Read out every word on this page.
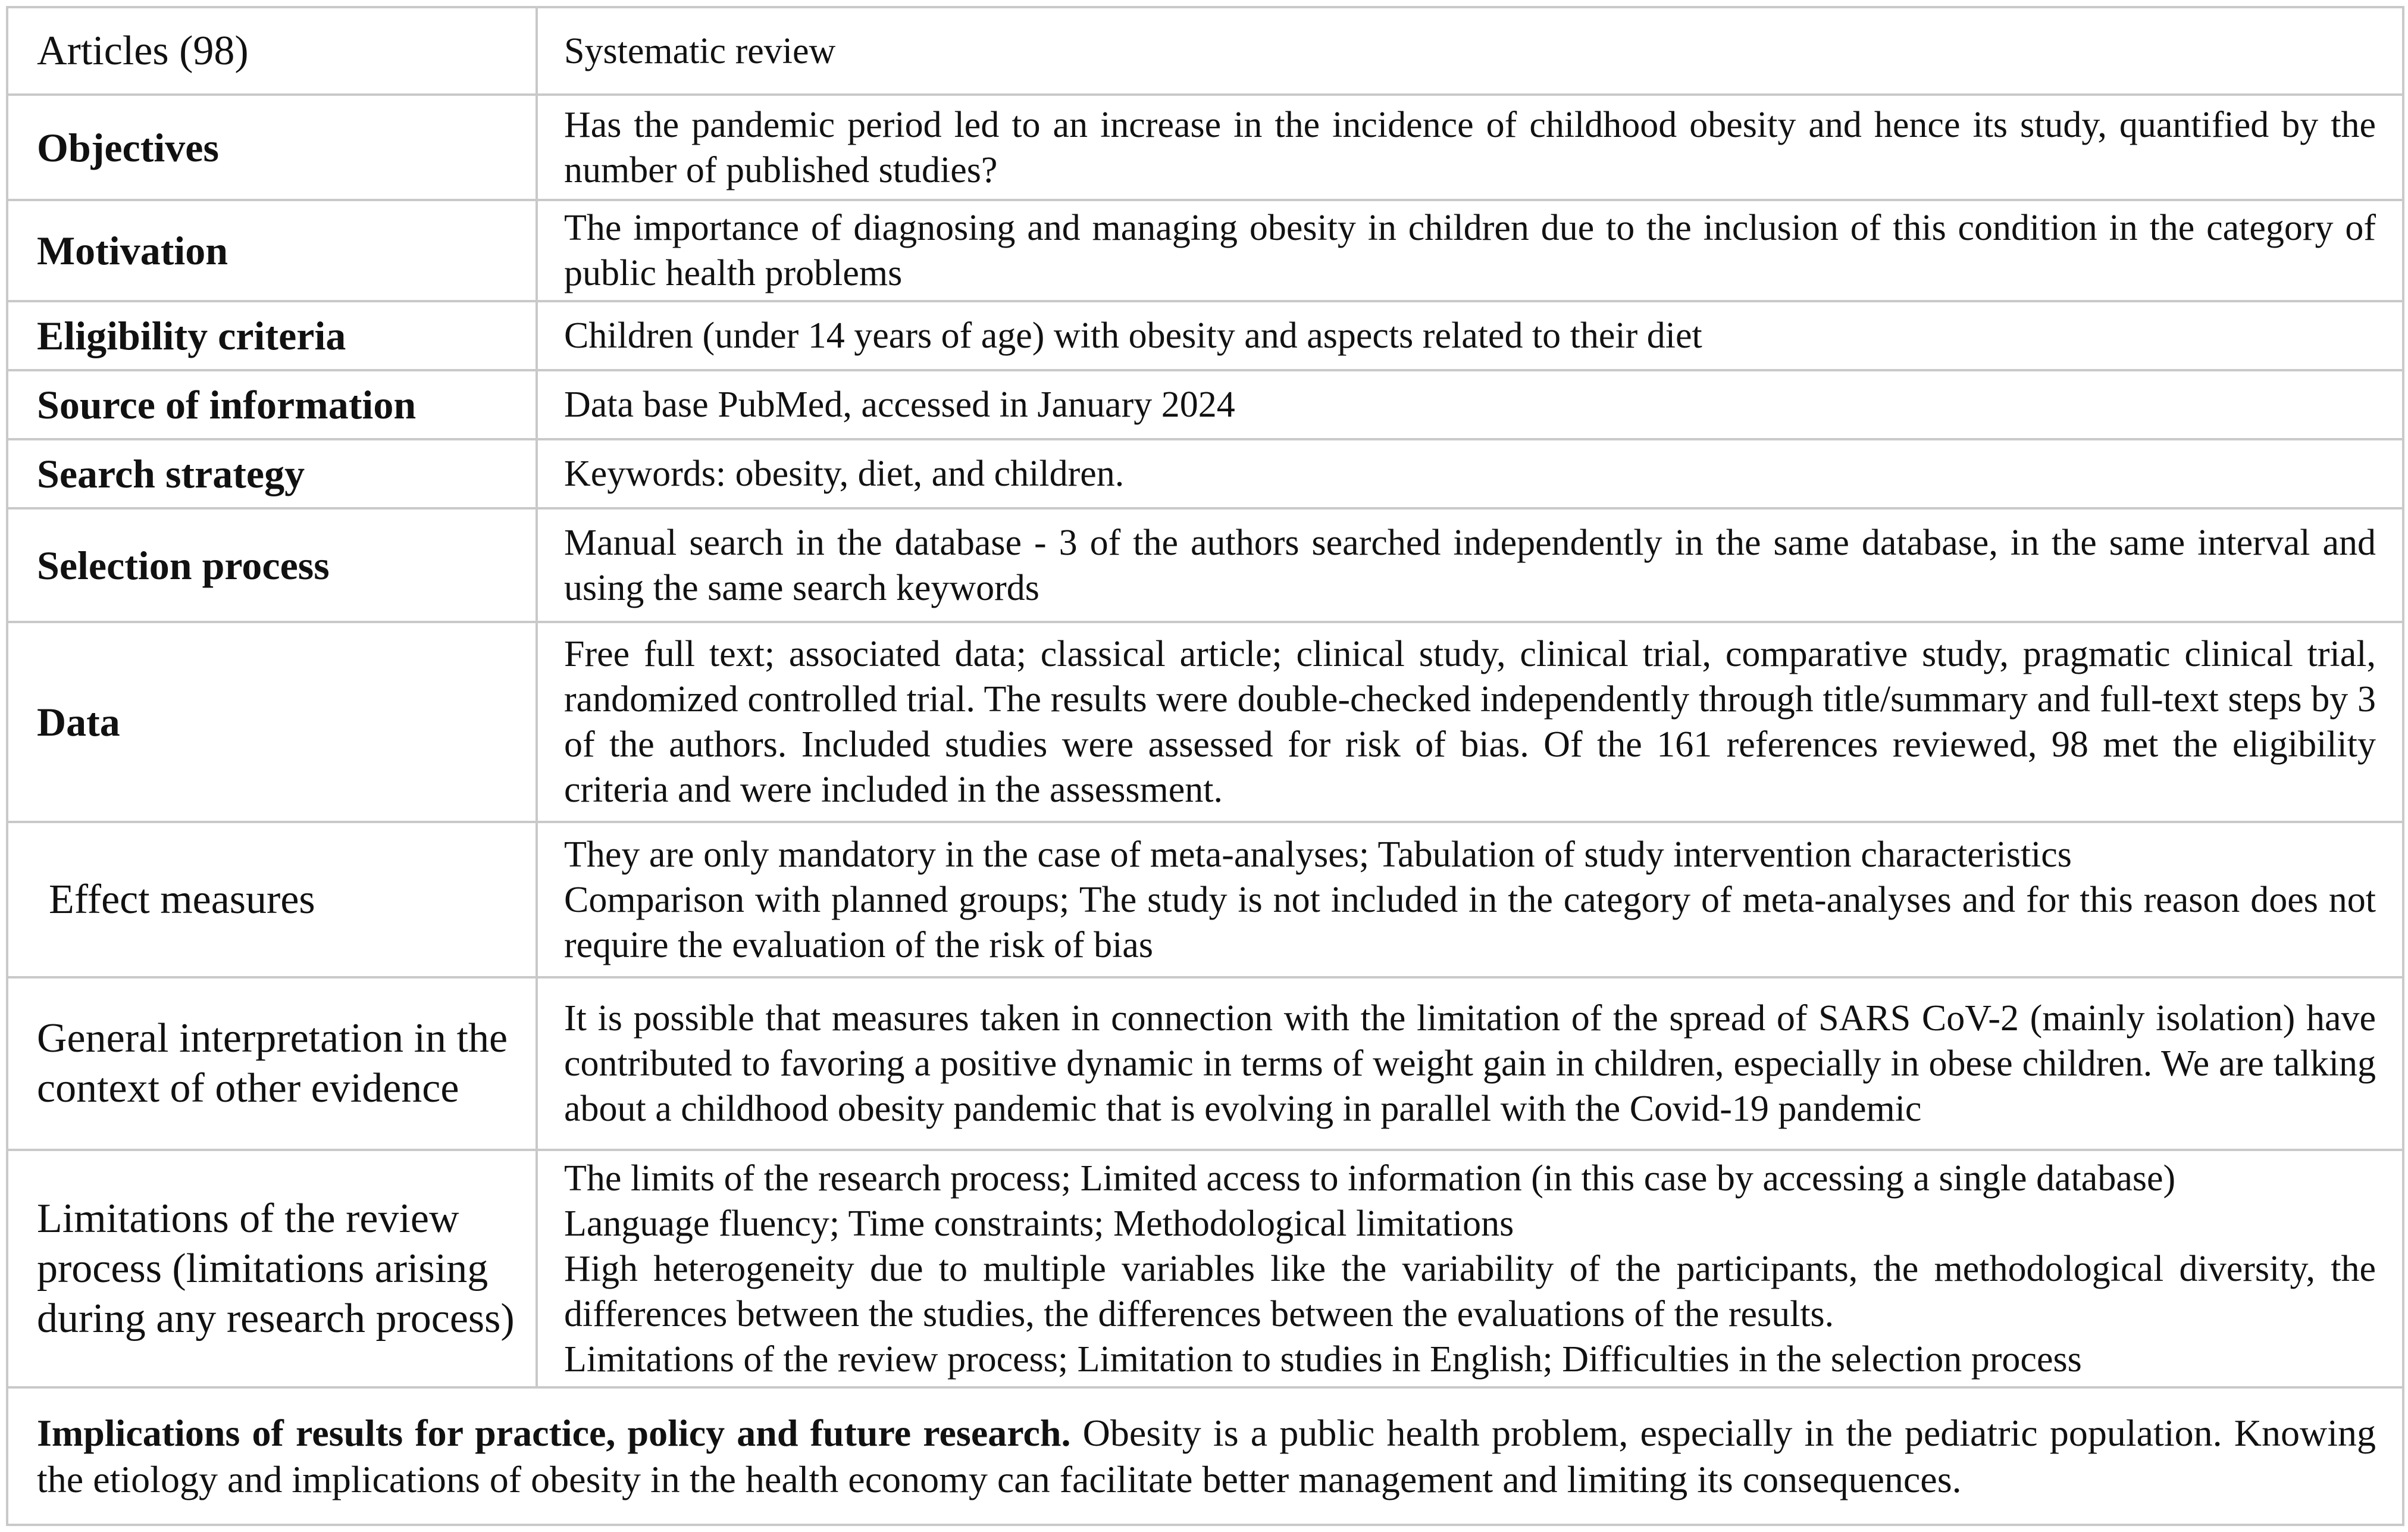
Articles (98)	Systematic review
Objectives	Has the pandemic period led to an increase in the incidence of childhood obesity and hence its study, quantified by the number of published studies?

Motivation	The importance of diagnosing and managing obesity in children due to the inclusion of this condition in the category of public health problems

Eligibility criteria	Children (under 14 years of age) with obesity and aspects related to their diet

Source of information	Data base PubMed, accessed in January 2024

Search strategy	Keywords: obesity, diet, and children.

Selection process	Manual search in the database - 3 of the authors searched independently in the same database, in the same interval and using the same search keywords

Data	Free full text; associated data; classical article; clinical study, clinical trial, comparative study, pragmatic clinical trial, randomized controlled trial. The results were double-checked independently through title/summary and full-text steps by 3 of the authors. Included studies were assessed for risk of bias. Of the 161 references reviewed, 98 met the eligibility criteria and were included in the assessment.

Effect measures	They are only mandatory in the case of meta-analyses; Tabulation of study intervention characteristics
Comparison with planned groups; The study is not included in the category of meta-analyses and for this reason does not require the evaluation of the risk of bias

General interpretation in the context of other evidence	It is possible that measures taken in connection with the limitation of the spread of SARS CoV-2 (mainly isolation) have contributed to favoring a positive dynamic in terms of weight gain in children, especially in obese children. We are talking about a childhood obesity pandemic that is evolving in parallel with the Covid-19 pandemic

Limitations of the review process (limitations arising during any research process)	The limits of the research process; Limited access to information (in this case by accessing a single database)
Language fluency; Time constraints; Methodological limitations
High heterogeneity due to multiple variables like the variability of the participants, the methodological diversity, the differences between the studies, the differences between the evaluations of the results.
Limitations of the review process; Limitation to studies in English; Difficulties in the selection process

Implications of results for practice, policy and future research. Obesity is a public health problem, especially in the pediatric population. Knowing the etiology and implications of obesity in the health economy can facilitate better management and limiting its consequences.	
